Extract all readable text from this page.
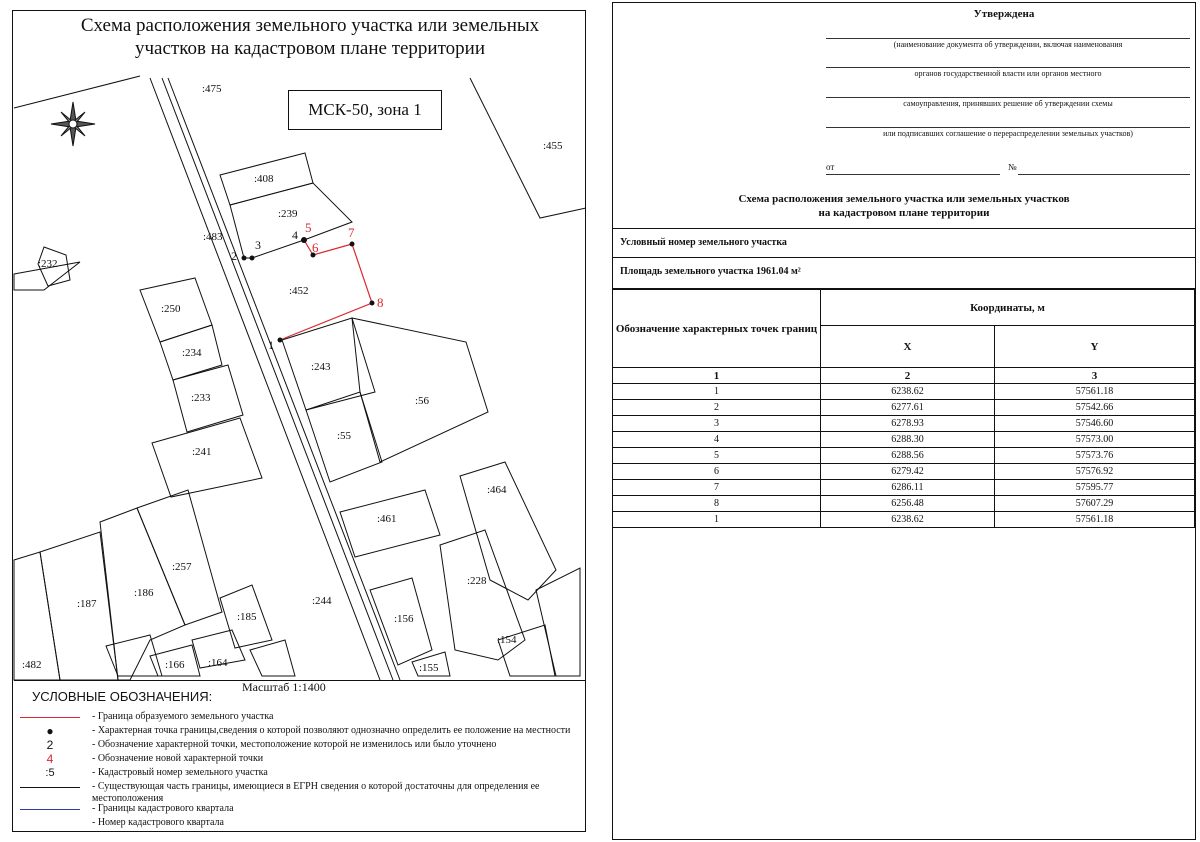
Схема расположения земельного участка или земельных участков на кадастровом плане территории
:475
:455
:408
:239
:483
:232
:452
:250
:234
:233
:241
:243
:56
:55
:464
:461
:257
:187
:186
:185
:244
:228
:156
:154
:155
:166 :164
:482
1
2
3
4 5
6
7
8
МСК-50, зона 1
Масштаб 1:1400
УСЛОВНЫЕ ОБОЗНАЧЕНИЯ:
- Граница образуемого земельного участка
●	- Характерная точка границы,сведения о которой позволяют однозначно определить ее положение на местности
2	- Обозначение характерной точки, местоположение которой не изменилось или было уточнено
4	- Обозначение новой характерной точки
:5	- Кадастровый номер земельного участка
- Существующая часть границы, имеющиеся в ЕГРН сведения о которой достаточны для определения ее местоположения
- Границы кадастрового квартала
- Номер кадастрового квартала
Утверждена
(наименование документа об утверждении, включая наименования
органов государственной власти или органов местного
самоуправления, принявших решение об утверждении схемы
или подписавших соглашение о перераспределении земельных участков)
от	№
Схема расположения земельного участка или земельных участков
на кадастровом плане территории
Условный номер земельного участка
Площадь земельного участка 1961.04 м²
Обозначение характерных точек границ	Координаты, м	
	X	Y
1	2	3
1	6238.62	57561.18
2	6277.61	57542.66
3	6278.93	57546.60
4	6288.30	57573.00
5	6288.56	57573.76
6	6279.42	57576.92
7	6286.11	57595.77
8	6256.48	57607.29
1	6238.62	57561.18
